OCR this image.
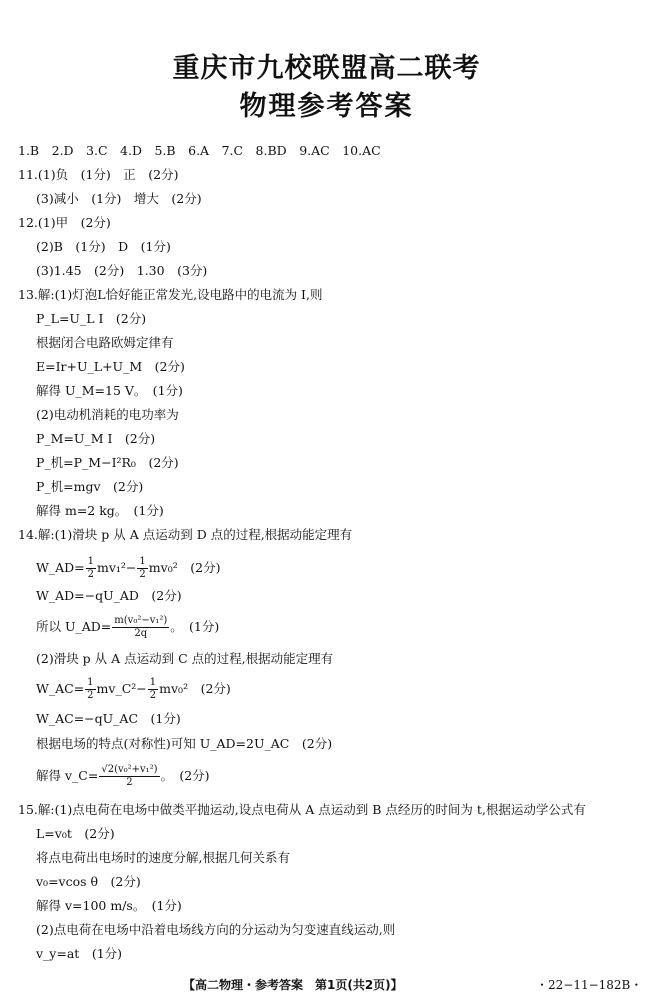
重庆市九校联盟高二联考
物理参考答案
1.B　2.D　3.C　4.D　5.B　6.A　7.C　8.BD　9.AC　10.AC
11.(1)负　(1分)　正　(2分)
(3)减小　(1分)　增大　(2分)
12.(1)甲　(2分)
(2)B　(1分)　D　(1分)
(3)1.45　(2分)　1.30　(3分)
13.解:(1)灯泡L恰好能正常发光,设电路中的电流为 I,则
P_L=U_L I　(2分)
根据闭合电路欧姆定律有
E=Ir+U_L+U_M　(2分)
解得 U_M=15 V。　(1分)
(2)电动机消耗的电功率为
P_M=U_M I　(2分)
P_机=P_M−I²R₀　(2分)
P_机=mgv　(2分)
解得 m=2 kg。　(1分)
14.解:(1)滑块 p 从 A 点运动到 D 点的过程,根据动能定理有
W_AD= $\frac{1}{2} mv_1^2- \frac{1}{2} mv_0^2$　(2分)
W_AD=−qU_AD　(2分)
所以 U_AD= $\frac{\text{m(v₀²−v₁²)}}{2q}$ 。　(1分)
(2)滑块 p 从 A 点运动到 C 点的过程,根据动能定理有
W_AC= $\frac{1}{2}$ mv_C²− $\frac{1}{2} mv_0^2$　(2分)
W_AC=−qU_AC　(1分)
根据电场的特点(对称性)可知 U_AD=2U_AC　(2分)
解得 v_C= $\frac{\text{√2(v₀²+v₁²)}}{2}$ 。　(2分)
15.解:(1)点电荷在电场中做类平抛运动,设点电荷从 A 点运动到 B 点经历的时间为 t,根据运动学公式有
L=v₀t　(2分)
将点电荷出电场时的速度分解,根据几何关系有
v₀=vcos θ　(2分)
解得 v=100 m/s。　(1分)
(2)点电荷在电场中沿着电场线方向的分运动为匀变速直线运动,则
v_y=at　(1分)
【高二物理・参考答案　第1页(共2页)】	・22−11−182B・
